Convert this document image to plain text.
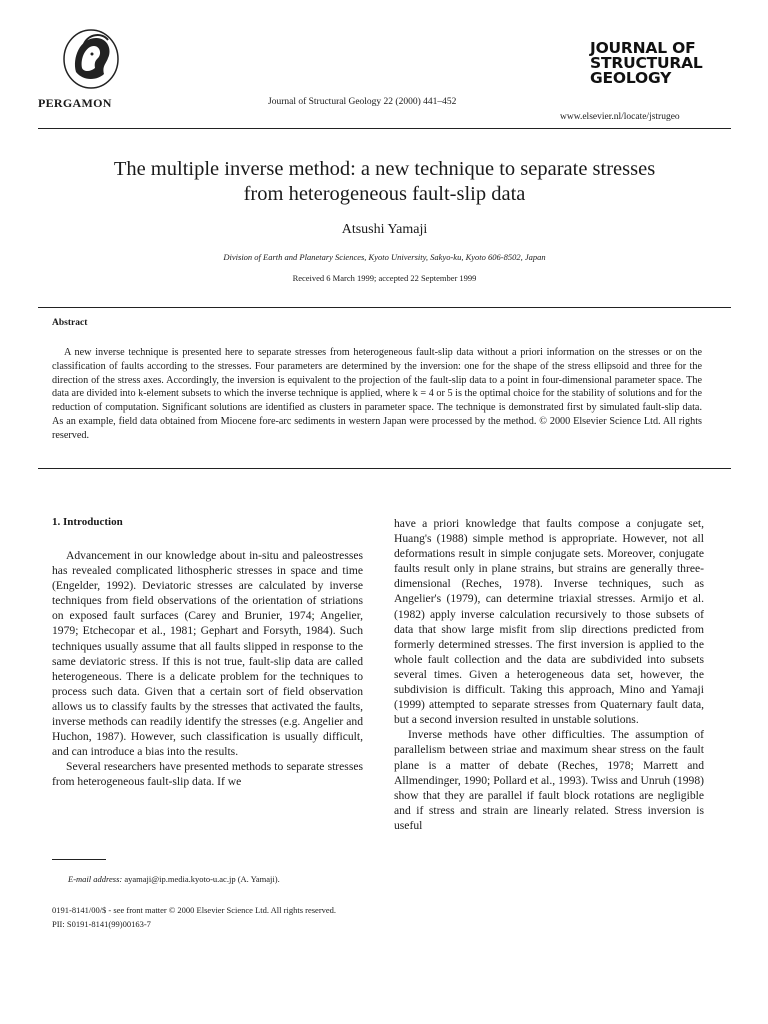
PERGAMON	Journal of Structural Geology 22 (2000) 441–452
JOURNAL OF
STRUCTURAL
GEOLOGY
www.elsevier.nl/locate/jstrugeo
The multiple inverse method: a new technique to separate stresses
from heterogeneous fault-slip data
Atsushi Yamaji
Division of Earth and Planetary Sciences, Kyoto University, Sakyo-ku, Kyoto 606-8502, Japan
Received 6 March 1999; accepted 22 September 1999
Abstract
A new inverse technique is presented here to separate stresses from heterogeneous fault-slip data without a priori information on the stresses or on the classification of faults according to the stresses. Four parameters are determined by the inversion: one for the shape of the stress ellipsoid and three for the direction of the stress axes. Accordingly, the inversion is equivalent to the projection of the fault-slip data to a point in four-dimensional parameter space. The data are divided into k-element subsets to which the inverse technique is applied, where k = 4 or 5 is the optimal choice for the stability of solutions and for the reduction of computation. Significant solutions are identified as clusters in parameter space. The technique is demonstrated first by simulated fault-slip data. As an example, field data obtained from Miocene fore-arc sediments in western Japan were processed by the method. © 2000 Elsevier Science Ltd. All rights reserved.
1. Introduction

Advancement in our knowledge about in-situ and paleostresses has revealed complicated lithospheric stresses in space and time (Engelder, 1992). Deviatoric stresses are calculated by inverse techniques from field observations of the orientation of striations on exposed fault surfaces (Carey and Brunier, 1974; Angelier, 1979; Etchecopar et al., 1981; Gephart and Forsyth, 1984). Such techniques usually assume that all faults slipped in response to the same deviatoric stress. If this is not true, fault-slip data are called heterogeneous. There is a delicate problem for the techniques to process such data. Given that a certain sort of field observation allows us to classify faults by the stresses that activated the faults, inverse methods can readily identify the stresses (e.g. Angelier and Huchon, 1987). However, such classification is usually difficult, and can introduce a bias into the results.

Several researchers have presented methods to separate stresses from heterogeneous fault-slip data. If we

have a priori knowledge that faults compose a conjugate set, Huang's (1988) simple method is appropriate. However, not all deformations result in simple conjugate sets. Moreover, conjugate faults result only in plane strains, but strains are generally three-dimensional (Reches, 1978). Inverse techniques, such as Angelier's (1979), can determine triaxial stresses. Armijo et al. (1982) apply inverse calculation recursively to those subsets of data that show large misfit from slip directions predicted from formerly determined stresses. The first inversion is applied to the whole fault collection and the data are subdivided into subsets several times. Given a heterogeneous data set, however, the subdivision is difficult. Taking this approach, Mino and Yamaji (1999) attempted to separate stresses from Quaternary fault data, but a second inversion resulted in unstable solutions.

Inverse methods have other difficulties. The assumption of parallelism between striae and maximum shear stress on the fault plane is a matter of debate (Reches, 1978; Marrett and Allmendinger, 1990; Pollard et al., 1993). Twiss and Unruh (1998) show that they are parallel if fault block rotations are negligible and if stress and strain are linearly related. Stress inversion is useful

E-mail address: ayamaji@ip.media.kyoto-u.ac.jp (A. Yamaji).
0191-8141/00/$ - see front matter © 2000 Elsevier Science Ltd. All rights reserved.
PII: S0191-8141(99)00163-7
